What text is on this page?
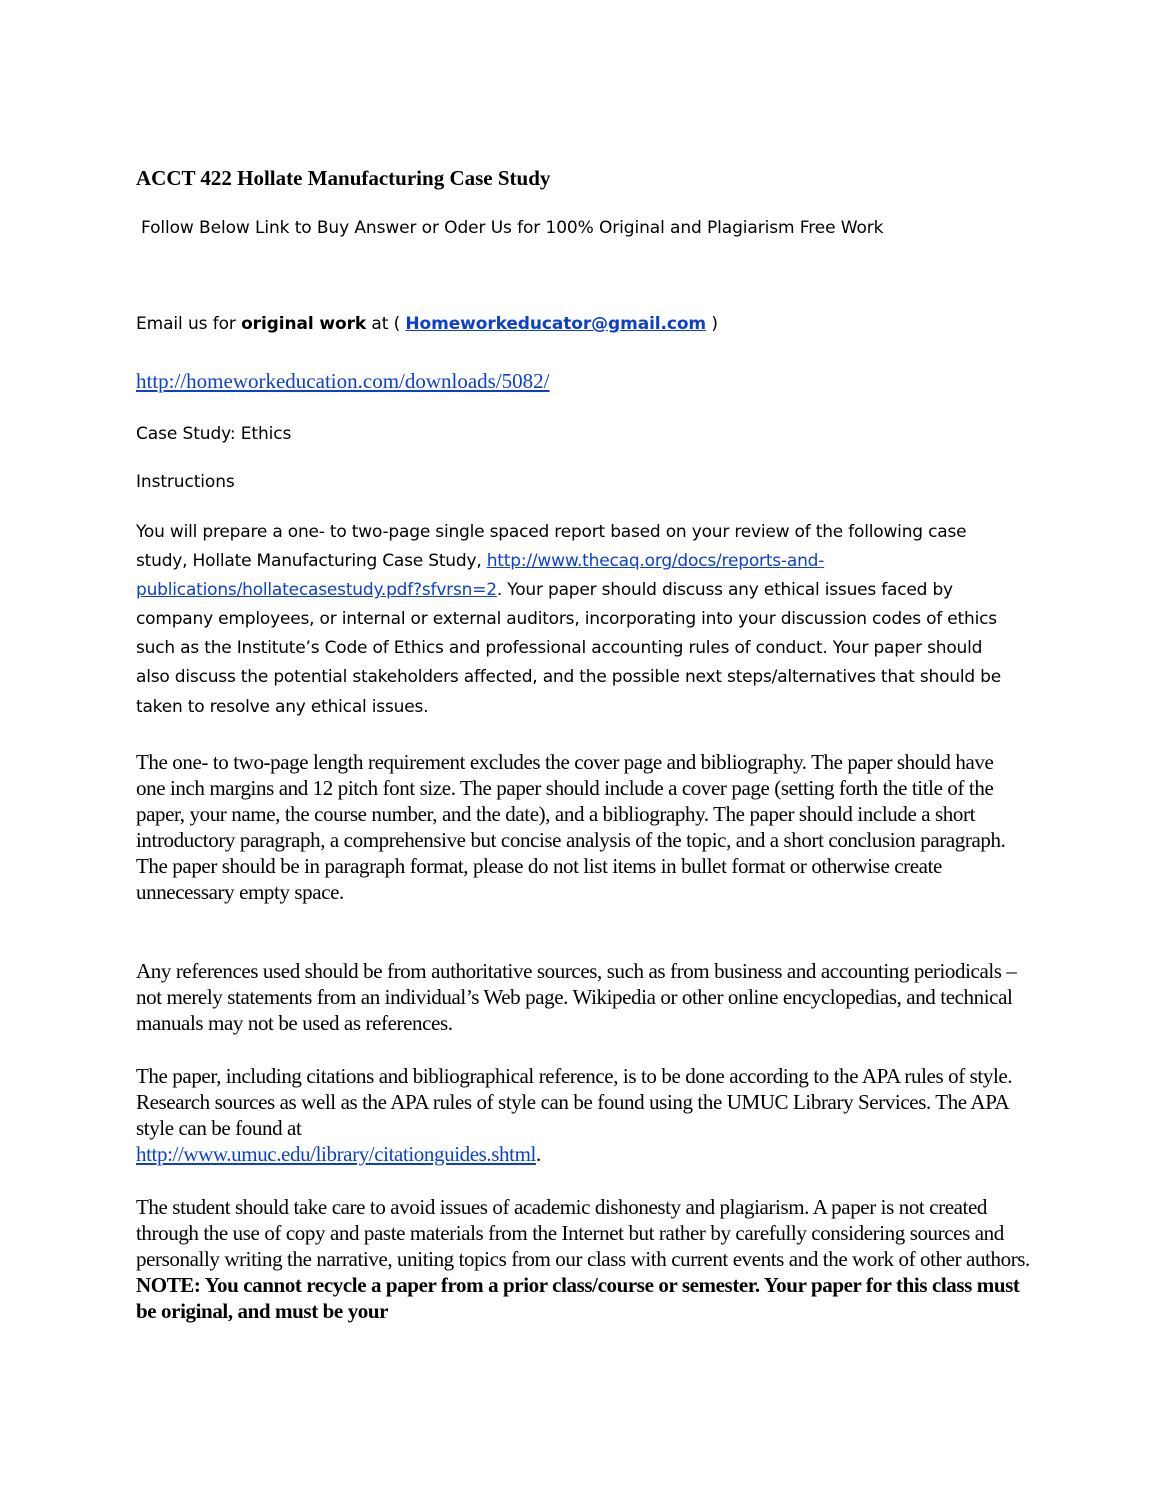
ACCT 422 Hollate Manufacturing Case Study

Follow Below Link to Buy Answer or Oder Us for 100% Original and Plagiarism Free Work

Email us for original work at ( Homeworkeducator@gmail.com )

http://homeworkeducation.com/downloads/5082/

Case Study: Ethics

Instructions

You will prepare a one- to two-page single spaced report based on your review of the following case study, Hollate Manufacturing Case Study, http://www.thecaq.org/docs/reports-and-publications/hollatecasestudy.pdf?sfvrsn=2. Your paper should discuss any ethical issues faced by company employees, or internal or external auditors, incorporating into your discussion codes of ethics such as the Institute’s Code of Ethics and professional accounting rules of conduct. Your paper should also discuss the potential stakeholders affected, and the possible next steps/alternatives that should be taken to resolve any ethical issues.

The one- to two-page length requirement excludes the cover page and bibliography. The paper should have one inch margins and 12 pitch font size. The paper should include a cover page (setting forth the title of the paper, your name, the course number, and the date), and a bibliography. The paper should include a short introductory paragraph, a comprehensive but concise analysis of the topic, and a short conclusion paragraph. The paper should be in paragraph format, please do not list items in bullet format or otherwise create unnecessary empty space.

Any references used should be from authoritative sources, such as from business and accounting periodicals – not merely statements from an individual’s Web page. Wikipedia or other online encyclopedias, and technical manuals may not be used as references.

The paper, including citations and bibliographical reference, is to be done according to the APA rules of style. Research sources as well as the APA rules of style can be found using the UMUC Library Services. The APA style can be found at
http://www.umuc.edu/library/citationguides.shtml.

The student should take care to avoid issues of academic dishonesty and plagiarism. A paper is not created through the use of copy and paste materials from the Internet but rather by carefully considering sources and personally writing the narrative, uniting topics from our class with current events and the work of other authors. NOTE: You cannot recycle a paper from a prior class/course or semester. Your paper for this class must be original, and must be your
